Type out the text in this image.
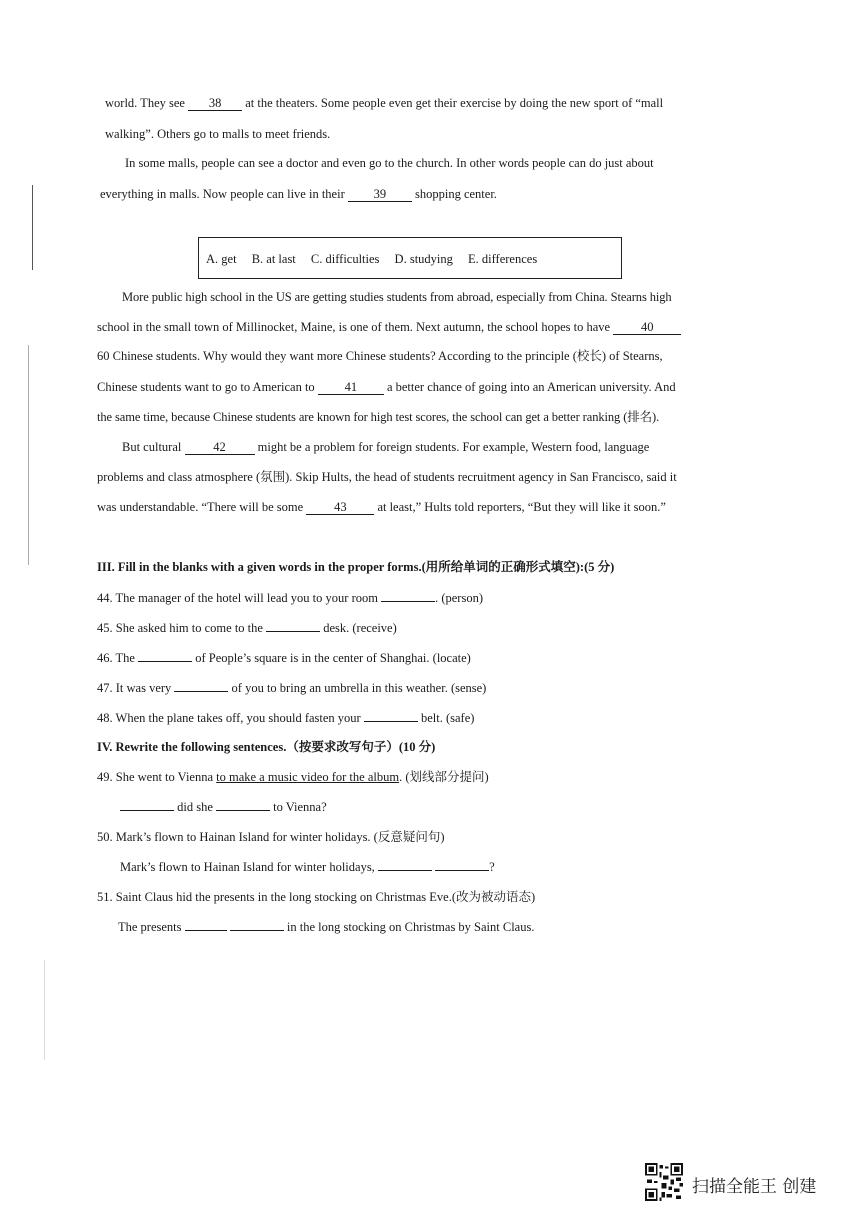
world. They see 38 at the theaters. Some people even get their exercise by doing the new sport of “mall
walking”. Others go to malls to meet friends.
In some malls, people can see a doctor and even go to the church. In other words people can do just about
everything in malls. Now people can live in their 39 shopping center.
A. get B. at last C. difficulties D. studying E. differences
More public high school in the US are getting studies students from abroad, especially from China. Stearns high
school in the small town of Millinocket, Maine, is one of them. Next autumn, the school hopes to have 40
60 Chinese students. Why would they want more Chinese students? According to the principle (校长) of Stearns,
Chinese students want to go to American to 41 a better chance of going into an American university. And
the same time, because Chinese students are known for high test scores, the school can get a better ranking (排名).
But cultural 42 might be a problem for foreign students. For example, Western food, language
problems and class atmosphere (氛围). Skip Hults, the head of students recruitment agency in San Francisco, said it
was understandable. “There will be some 43 at least,” Hults told reporters, “But they will like it soon.”
III. Fill in the blanks with a given words in the proper forms.(用所给单词的正确形式填空):(5 分)
44. The manager of the hotel will lead you to your room	. (person)
45. She asked him to come to the	desk. (receive)
46. The	of People’s square is in the center of Shanghai. (locate)
47. It was very	of you to bring an umbrella in this weather. (sense)
48. When the plane takes off, you should fasten your	belt. (safe)
IV. Rewrite the following sentences.（按要求改写句子）(10 分)
49. She went to Vienna to make a music video for the album. (划线部分提问)
did she	to Vienna?
50. Mark’s flown to Hainan Island for winter holidays. (反意疑问句)
Mark’s flown to Hainan Island for winter holidays,	?
51. Saint Claus hid the presents in the long stocking on Christmas Eve.(改为被动语态)
The presents	in the long stocking on Christmas by Saint Claus.
扫描全能王 创建
